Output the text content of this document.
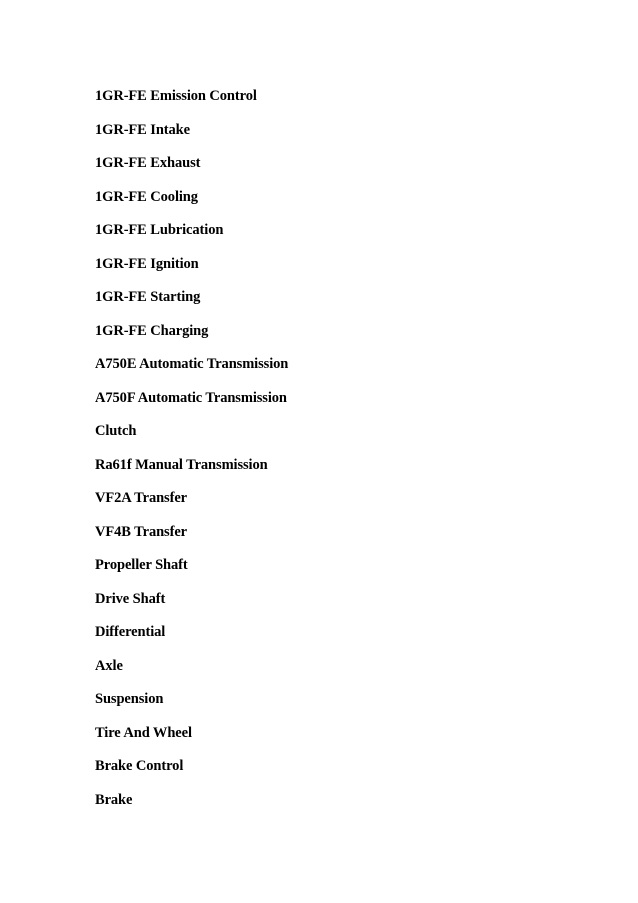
1GR-FE Emission Control
1GR-FE Intake
1GR-FE Exhaust
1GR-FE Cooling
1GR-FE Lubrication
1GR-FE Ignition
1GR-FE Starting
1GR-FE Charging
A750E Automatic Transmission
A750F Automatic Transmission
Clutch
Ra61f Manual Transmission
VF2A Transfer
VF4B Transfer
Propeller Shaft
Drive Shaft
Differential
Axle
Suspension
Tire And Wheel
Brake Control
Brake
